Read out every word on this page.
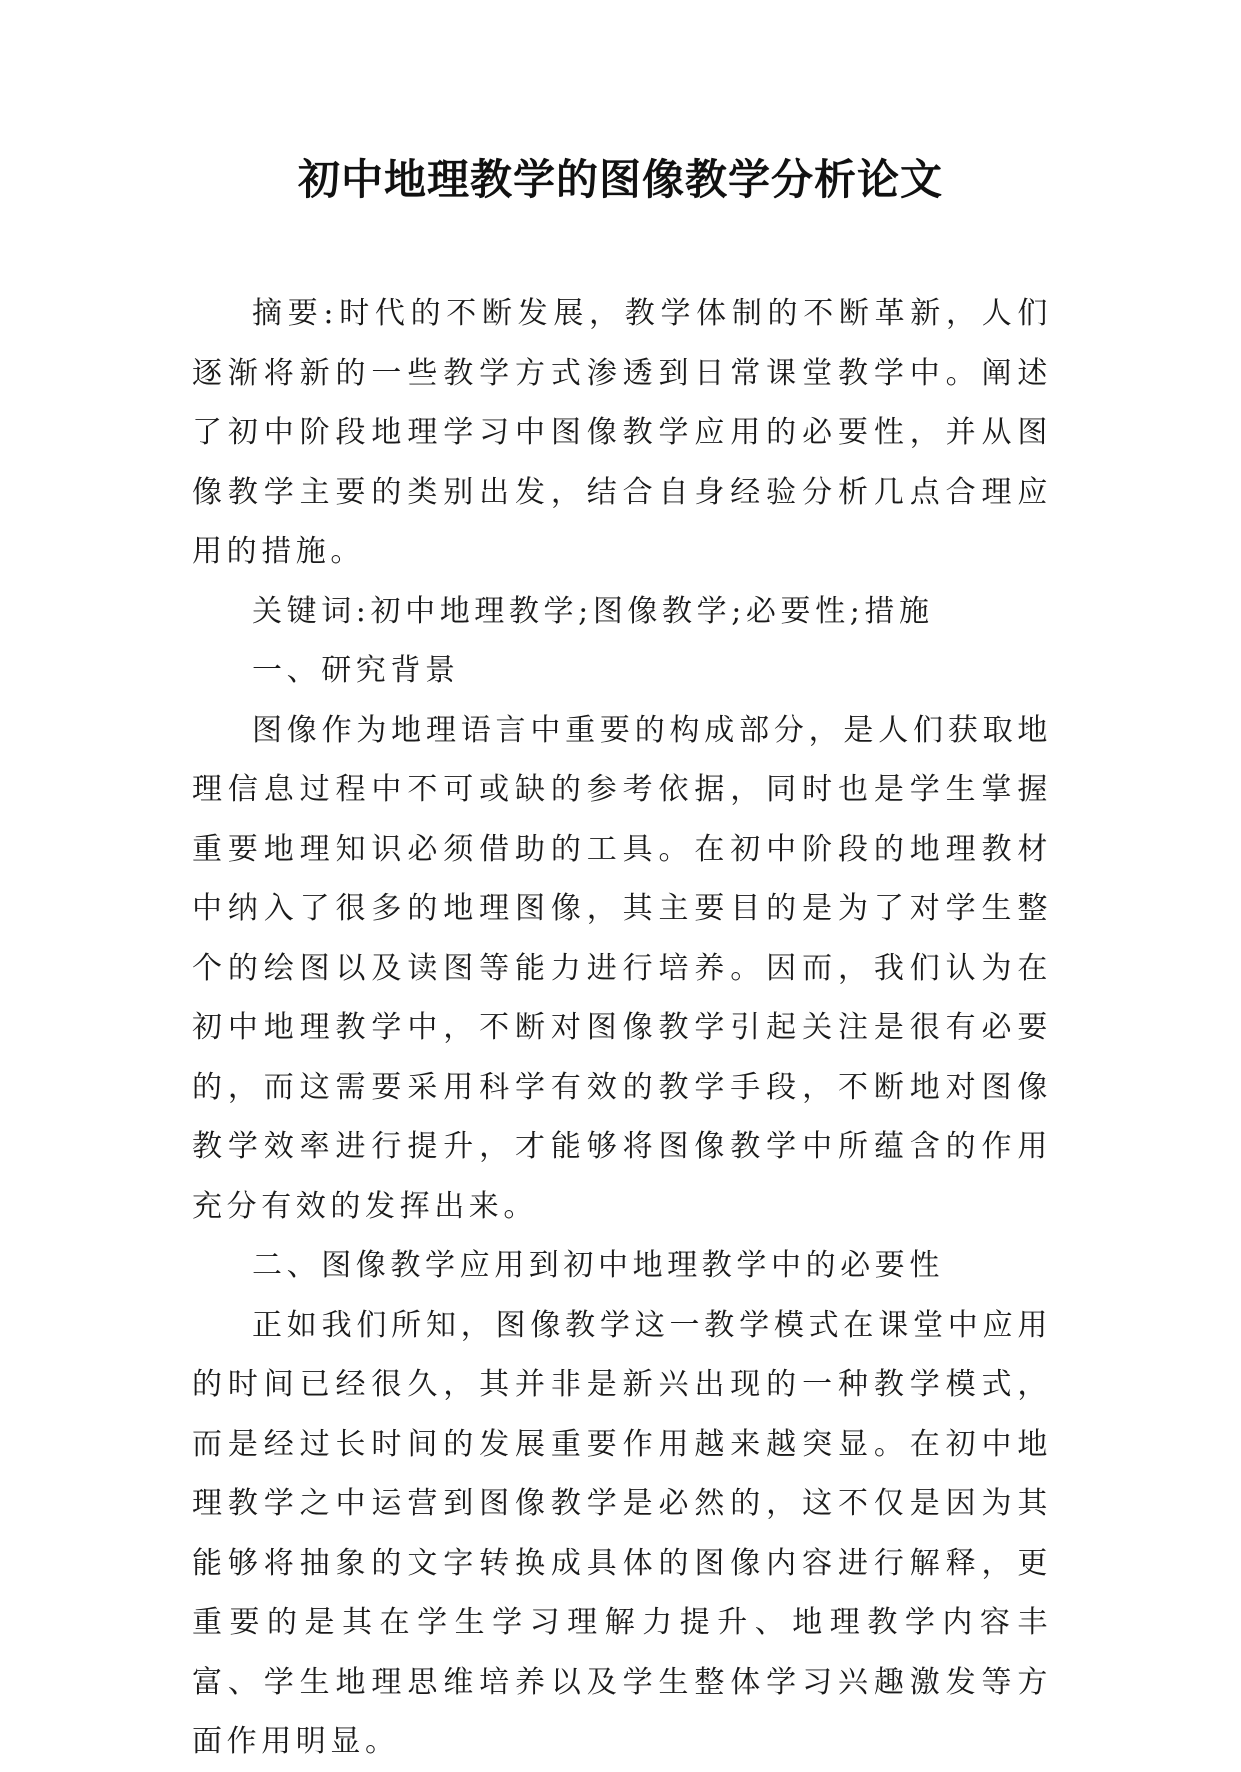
初中地理教学的图像教学分析论文

摘要:时代的不断发展，教学体制的不断革新，人们逐渐将新的一些教学方式渗透到日常课堂教学中。阐述了初中阶段地理学习中图像教学应用的必要性，并从图像教学主要的类别出发，结合自身经验分析几点合理应用的措施。

关键词:初中地理教学;图像教学;必要性;措施

一、研究背景

图像作为地理语言中重要的构成部分，是人们获取地理信息过程中不可或缺的参考依据，同时也是学生掌握重要地理知识必须借助的工具。在初中阶段的地理教材中纳入了很多的地理图像，其主要目的是为了对学生整个的绘图以及读图等能力进行培养。因而，我们认为在初中地理教学中，不断对图像教学引起关注是很有必要的，而这需要采用科学有效的教学手段，不断地对图像教学效率进行提升，才能够将图像教学中所蕴含的作用充分有效的发挥出来。

二、图像教学应用到初中地理教学中的必要性

正如我们所知，图像教学这一教学模式在课堂中应用的时间已经很久，其并非是新兴出现的一种教学模式，而是经过长时间的发展重要作用越来越突显。在初中地理教学之中运营到图像教学是必然的，这不仅是因为其能够将抽象的文字转换成具体的图像内容进行解释，更重要的是其在学生学习理解力提升、地理教学内容丰富、学生地理思维培养以及学生整体学习兴趣激发等方面作用明显。
